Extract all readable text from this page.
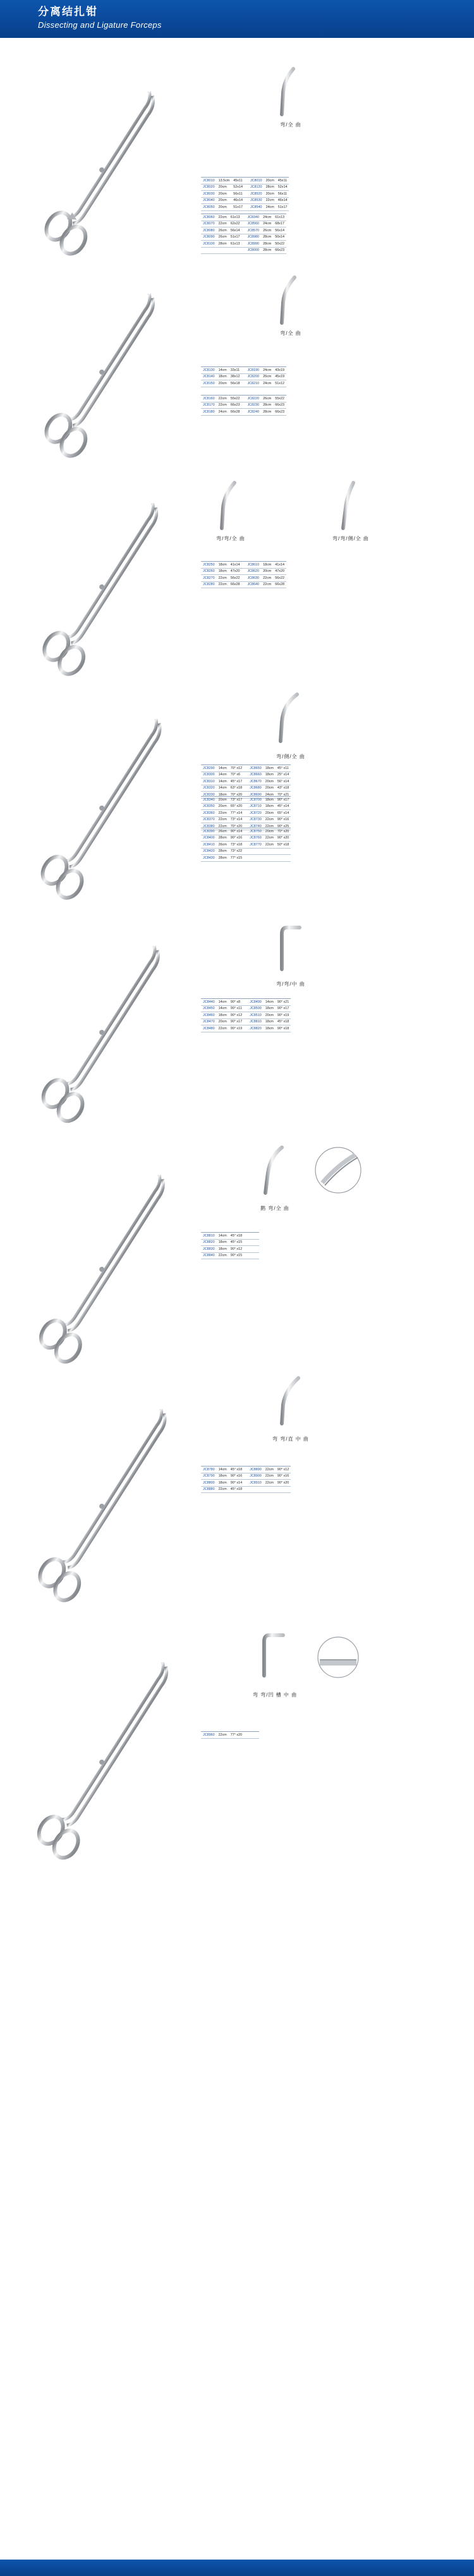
分离结扎钳
Dissecting and Ligature Forceps
弯/全 曲
JC8010	13.5cm	45x11		JC8010	20cm	45x11
JC8020	20cm	52x14		JC8120	28cm	52x14
JC8030	20cm	56x11		JC8520	20cm	56x11
JC8040	20cm	46x14		JC8530	22cm	46x14
JC8050	20cm	51x17		JC8540	24cm	51x17
JC8060	22cm	61x13		JC8340	24cm	61x13
JC8070	22cm	62x22		JC8560	24cm	68x17
JC8080	26cm	56x14		JC8570	26cm	56x14
JC8090	26cm	51x17		JC8980	28cm	50x14
JC8100	28cm	61x13		JC8990	28cm	50x22
				JC8000	28cm	66x23
弯/全 曲
JC8130	14cm	33x11		JC8190	24cm	43x19
JC8140	18cm	38x12		JC8200	26cm	45x19
JC8150	20cm	56x18		JC8210	24cm	51x12
JC8160	22cm	55x22		JC8220	26cm	55x22
JC8170	22cm	66x23		JC8230	28cm	66x23
JC8180	24cm	66x28		JC8240	28cm	66x23
弯/弯/全 曲	弯/弯/侧/全 曲
JC8250	18cm	41x14		JC8610	18cm	41x14
JC8260	18cm	47x20		JC8620	20cm	47x20
JC8270	22cm	56x22		JC8630	22cm	56x22
JC8280	22cm	66x28		JC8640	22cm	66x28
弯/侧/全 曲
JC8290	14cm	70° x12		JC8650	18cm	45° x11
JC8300	14cm	70° x6		JC8660	18cm	25° x14
JC8310	14cm	45° x17		JC8670	20cm	56° x14
JC8320	14cm	63° x18		JC8680	20cm	43° x18
JC8330	18cm	70° x20		JC8690	24cm	70° x21
JC8340	20cm	73° x17		JC8700	18cm	90° x17
JC8350	20cm	65° x20		JC8710	18cm	45° x14
JC8360	22cm	77° x14		JC8720	20cm	65° x14
JC8370	22cm	73° x14		JC8730	22cm	90° x16
JC8380	22cm	70° x20		JC8740	22cm	90° x25
JC8390	26cm	90° x14		JC8750	20cm	70° x20
JC8400	28cm	90° x16		JC8760	22cm	90° x20
JC8410	26cm	73° x18		JC8770	22cm	50° x18
JC8420	28cm	73° x22				
JC8430	28cm	77° x15				
弯/弯/中 曲
JC8440	14cm	90° x8		JC8490	14cm	90° x21
JC8450	14cm	90° x11		JC8500	18cm	90° x17
JC8460	18cm	90° x12		JC8510	20cm	90° x19
JC8470	20cm	90° x17		JC8810	18cm	45° x18
JC8480	22cm	90° x19		JC8820	18cm	90° x18
鹅 弯/全 曲
JC8810	14cm	45° x18				
JC8820	18cm	45° x15				
JC8830	18cm	90° x12				
JC8840	22cm	90° x15				
弯 弯/直 中 曲
JC8780	14cm	45° x18		JC8890	22cm	90° x12
JC8790	18cm	90° x16		JC8900	22cm	90° x16
JC8800	18cm	90° x14		JC8910	22cm	90° x20
JC8880	22cm	45° x18				
弯 弯/凹 槽 中 曲
JC8960	22cm	77° x20				
